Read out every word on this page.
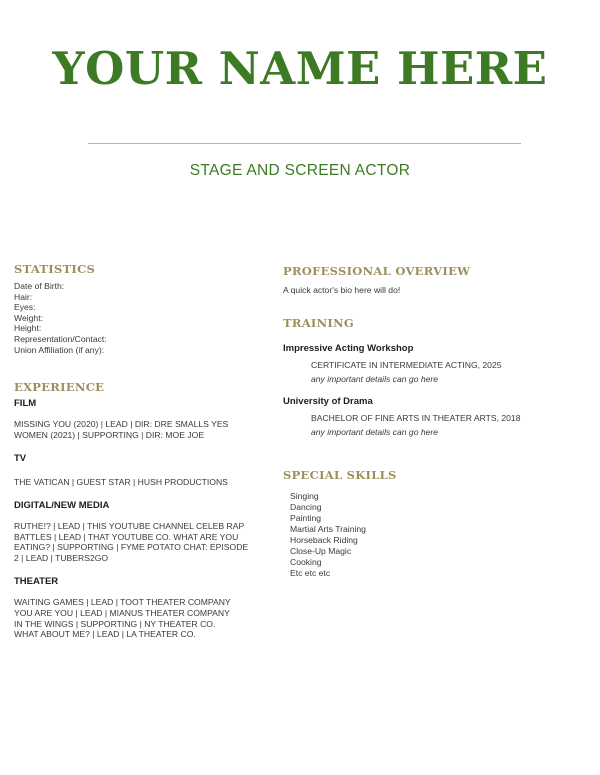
YOUR NAME HERE
STAGE AND SCREEN ACTOR
STATISTICS
Date of Birth:
Hair:
Eyes:
Weight:
Height:
Representation/Contact:
Union Affiliation (if any):
EXPERIENCE
FILM
MISSING YOU (2020) | LEAD | DIR: DRE SMALLS YES
WOMEN (2021) | SUPPORTING | DIR: MOE JOE
TV
THE VATICAN | GUEST STAR | HUSH PRODUCTIONS
DIGITAL/NEW MEDIA
RUTHE!? | LEAD | THIS YOUTUBE CHANNEL CELEB RAP
BATTLES | LEAD | THAT YOUTUBE CO. WHAT ARE YOU
EATING? | SUPPORTING | FYME POTATO CHAT: EPISODE
2 | LEAD | TUBERS2GO
THEATER
WAITING GAMES | LEAD | TOOT THEATER COMPANY
YOU ARE YOU | LEAD | MIANUS THEATER COMPANY
IN THE WINGS | SUPPORTING | NY THEATER CO.
WHAT ABOUT ME? | LEAD | LA THEATER CO.
PROFESSIONAL OVERVIEW
A quick actor's bio here will do!
TRAINING
Impressive Acting Workshop
CERTIFICATE IN INTERMEDIATE ACTING, 2025
any important details can go here
University of Drama
BACHELOR OF FINE ARTS IN THEATER ARTS, 2018
any important details can go here
SPECIAL SKILLS
Singing
Dancing
Painting
Martial Arts Training
Horseback Riding
Close-Up Magic
Cooking
Etc etc etc
